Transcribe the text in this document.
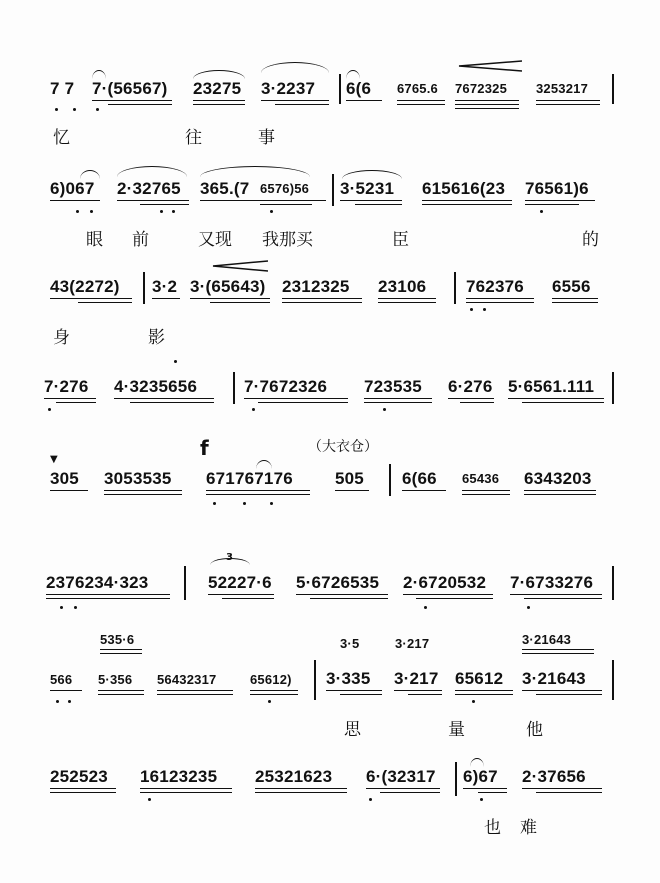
7 7 7·(56567) 23275 3·2237 6(6 6765.6 7672325 3253217
忆	往	事
6)067 2·32765 365.(7 6576)56 3·5231 615616(23 76561)6
眼 前	又现 我那买	臣	的
43(2272) 3·2 3·(65643) 2312325 23106 762376 6556
身	影
7·276 4·3235656	7·7672326 723535 6·276 5·6561.111
▼	f	（大衣仓）
305 3053535 671767176 505 6(66 65436 6343203
3
2376234·323	52227·6 5·6726535 2·6720532 7·6733276
535·6	3·5	3·217	3·21643
566 5·356 56432317	65612) 3·335 3·217 65612 3·21643
思	量	他
252523 16123235 25321623 6·(32317 6)67 2·37656
也 难
